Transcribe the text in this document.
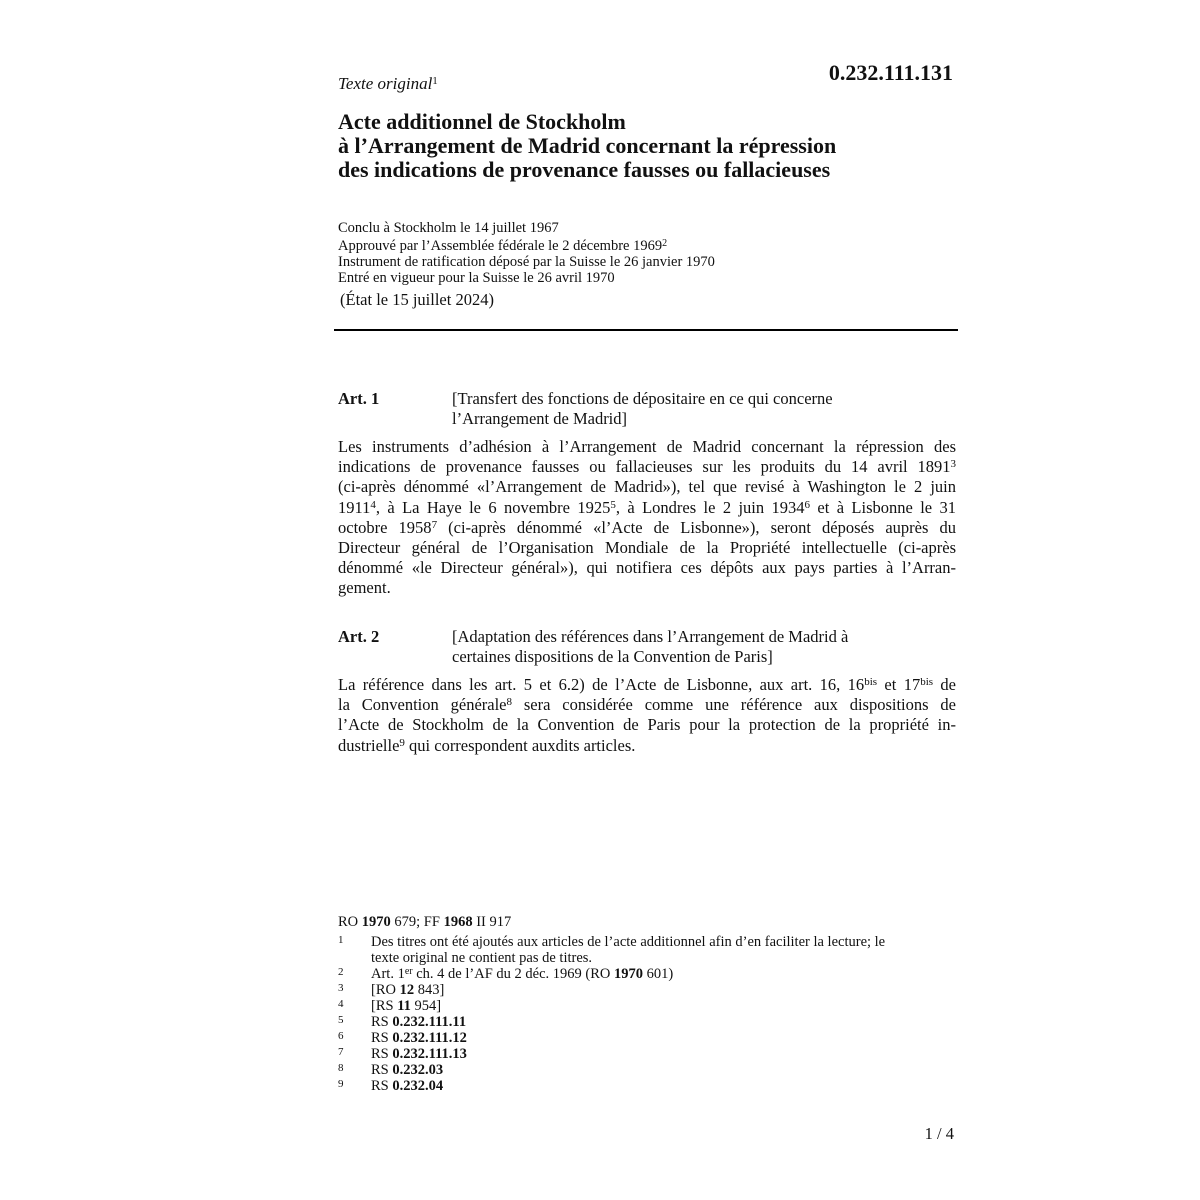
Texte original$^1$	0.232.111.131
Acte additionnel de Stockholm
à l’Arrangement de Madrid concernant la répression
des indications de provenance fausses ou fallacieuses
Conclu à Stockholm le 14 juillet 1967
Approuvé par l’Assemblée fédérale le 2 décembre 1969$^2$
Instrument de ratification déposé par la Suisse le 26 janvier 1970
Entré en vigueur pour la Suisse le 26 avril 1970
(État le 15 juillet 2024)
Art. 1	[Transfert des fonctions de dépositaire en ce qui concerne
l’Arrangement de Madrid]
Les instruments d’adhésion à l’Arrangement de Madrid concernant la répression des
indications de provenance fausses ou fallacieuses sur les produits du 14 avril 1891$^3$
(ci-après dénommé «l’Arrangement de Madrid»), tel que revisé à Washington le 2 juin
1911$^4$, à La Haye le 6 novembre 1925$^5$, à Londres le 2 juin 1934$^6$ et à Lisbonne le 31
octobre 1958$^7$ (ci-après dénommé «l’Acte de Lisbonne»), seront déposés auprès du
Directeur général de l’Organisation Mondiale de la Propriété intellectuelle (ci-après
dénommé «le Directeur général»), qui notifiera ces dépôts aux pays parties à l’Arran-
gement.
Art. 2	[Adaptation des références dans l’Arrangement de Madrid à
certaines dispositions de la Convention de Paris]
La référence dans les art. 5 et 6.2) de l’Acte de Lisbonne, aux art. 16, $16^{bis}$ et $17^{bis}$ de
la Convention générale$^8$ sera considérée comme une référence aux dispositions de
l’Acte de Stockholm de la Convention de Paris pour la protection de la propriété in-
dustrielle$^9$ qui correspondent auxdits articles.
RO 1970 679; FF 1968 II 917
1 Des titres ont été ajoutés aux articles de l’acte additionnel afin d’en faciliter la lecture; le
texte original ne contient pas de titres.
2 Art. 1er ch. 4 de l’AF du 2 déc. 1969 (RO 1970 601)
3 [RO 12 843]
4 [RS 11 954]
5 RS 0.232.111.11
6 RS 0.232.111.12
7 RS 0.232.111.13
8 RS 0.232.03
9 RS 0.232.04
1 / 4
